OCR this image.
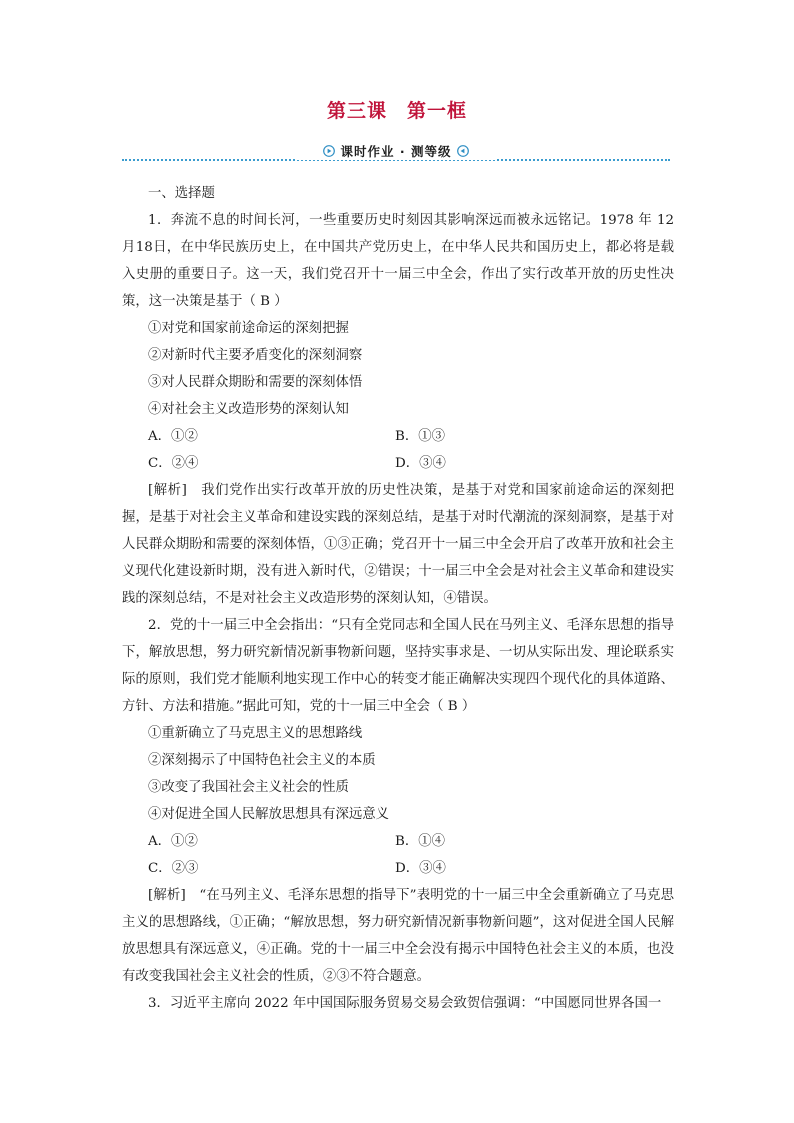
第三课　第一框
课时作业 · 测等级

一、选择题

1．奔流不息的时间长河，一些重要历史时刻因其影响深远而被永远铭记。1978 年 12 月18日，在中华民族历史上，在中国共产党历史上，在中华人民共和国历史上，都必将是载入史册的重要日子。这一天，我们党召开十一届三中全会，作出了实行改革开放的历史性决策，这一决策是基于（ B ）

①对党和国家前途命运的深刻把握

②对新时代主要矛盾变化的深刻洞察

③对人民群众期盼和需要的深刻体悟

④对社会主义改造形势的深刻认知

A．①②	B．①③
C．②④	D．③④

[解析]　我们党作出实行改革开放的历史性决策，是基于对党和国家前途命运的深刻把握，是基于对社会主义革命和建设实践的深刻总结，是基于对时代潮流的深刻洞察，是基于对人民群众期盼和需要的深刻体悟，①③正确；党召开十一届三中全会开启了改革开放和社会主义现代化建设新时期，没有进入新时代，②错误；十一届三中全会是对社会主义革命和建设实践的深刻总结，不是对社会主义改造形势的深刻认知，④错误。

2．党的十一届三中全会指出：“只有全党同志和全国人民在马列主义、毛泽东思想的指导下，解放思想，努力研究新情况新事物新问题，坚持实事求是、一切从实际出发、理论联系实际的原则，我们党才能顺利地实现工作中心的转变才能正确解决实现四个现代化的具体道路、方针、方法和措施。”据此可知，党的十一届三中全会（ B ）

①重新确立了马克思主义的思想路线

②深刻揭示了中国特色社会主义的本质

③改变了我国社会主义社会的性质

④对促进全国人民解放思想具有深远意义

A．①②	B．①④
C．②③	D．③④

[解析]　“在马列主义、毛泽东思想的指导下”表明党的十一届三中全会重新确立了马克思主义的思想路线，①正确；“解放思想，努力研究新情况新事物新问题”，这对促进全国人民解放思想具有深远意义，④正确。党的十一届三中全会没有揭示中国特色社会主义的本质，也没有改变我国社会主义社会的性质，②③不符合题意。

3．习近平主席向 2022 年中国国际服务贸易交易会致贺信强调：“中国愿同世界各国一
